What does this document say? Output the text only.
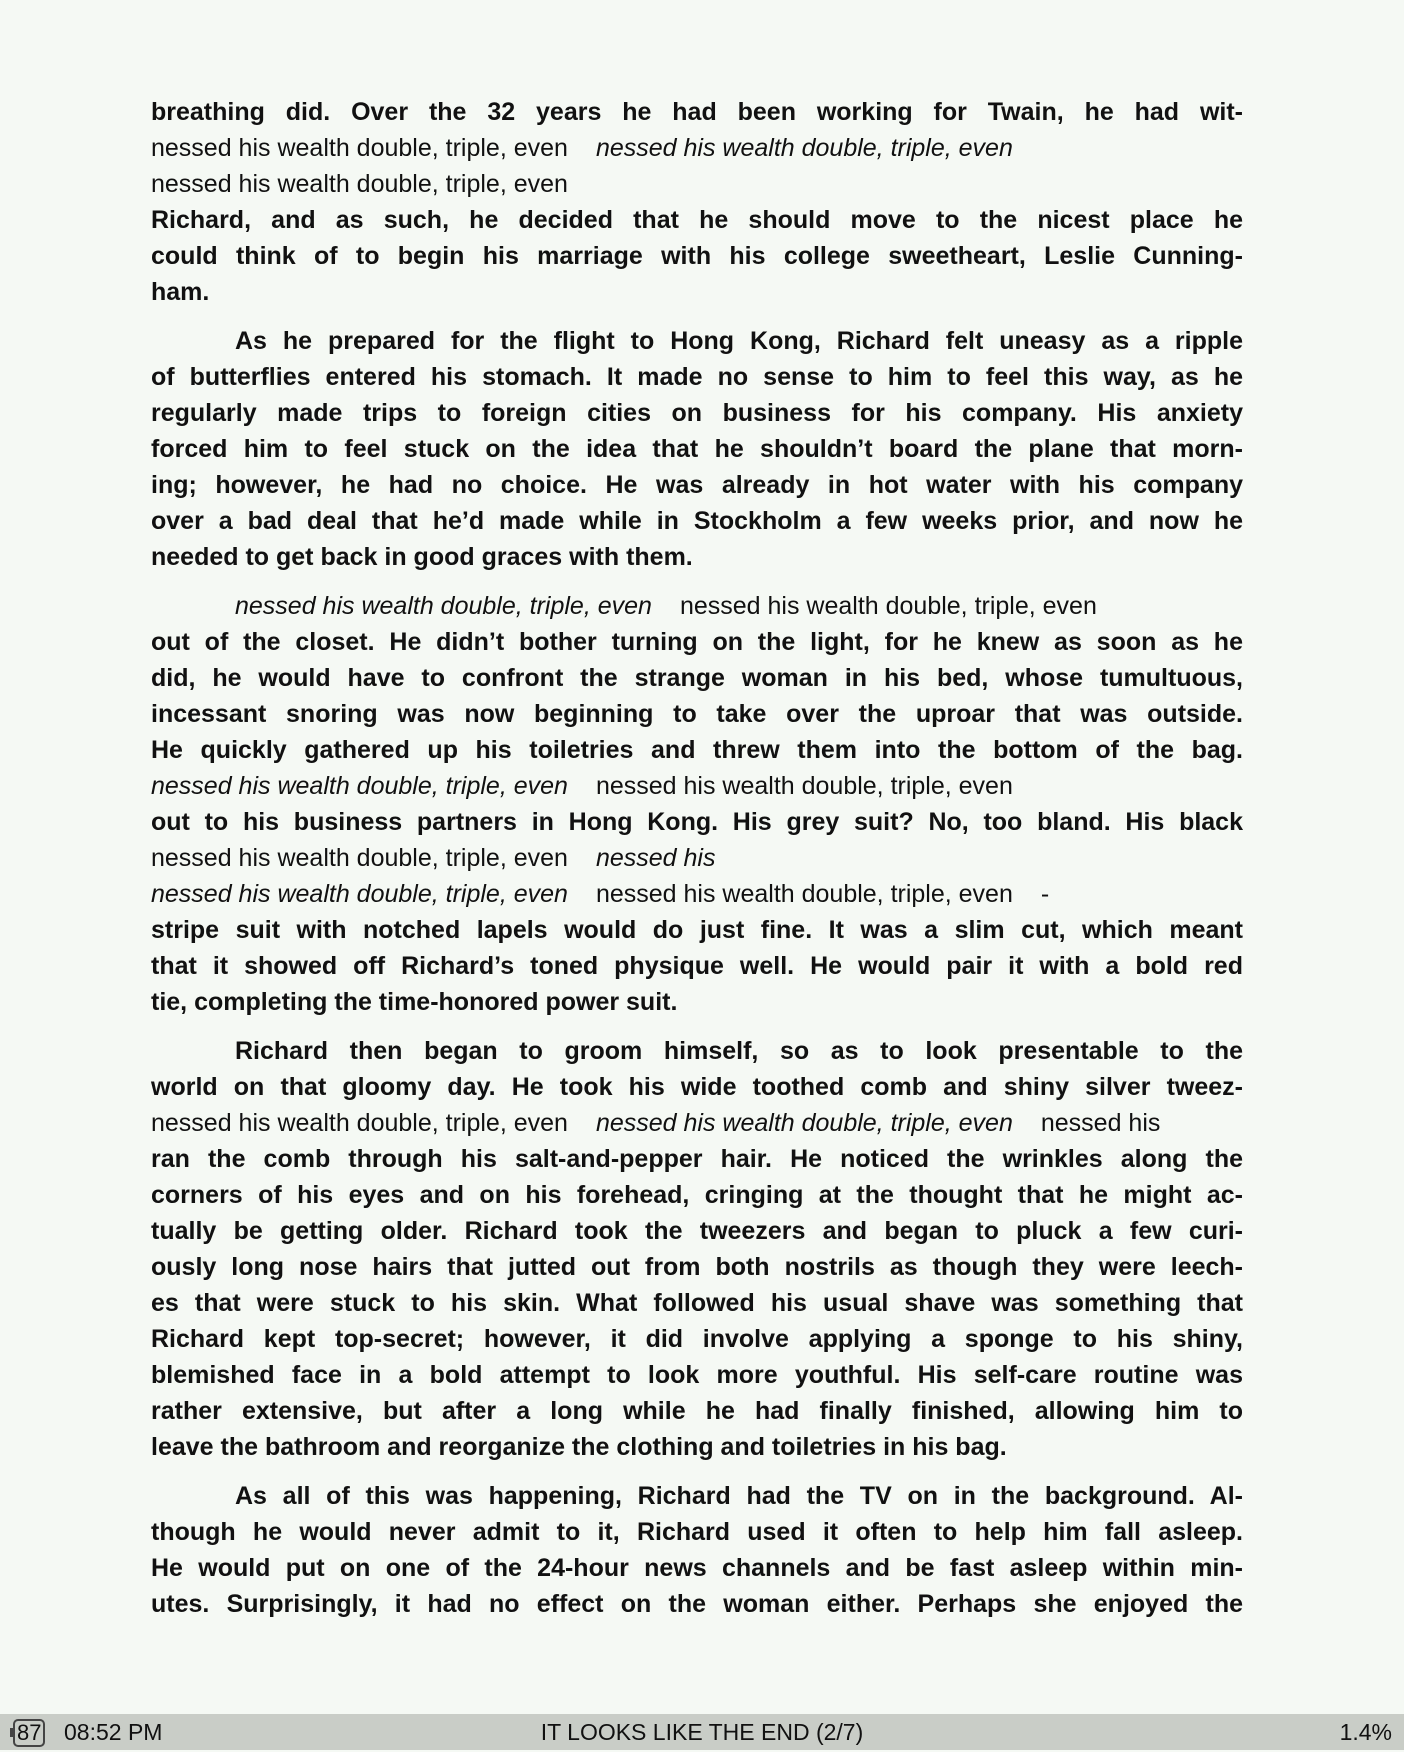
breathing did. Over the 32 years he had been working for Twain, he had wit-
nessed his wealth double, triple, even nessed his wealth double, triple, even
nessed his wealth double, triple, even
Richard, and as such, he decided that he should move to the nicest place he
could think of to begin his marriage with his college sweetheart, Leslie Cunning-
ham.
As he prepared for the flight to Hong Kong, Richard felt uneasy as a ripple
of butterflies entered his stomach. It made no sense to him to feel this way, as he
regularly made trips to foreign cities on business for his company. His anxiety
forced him to feel stuck on the idea that he shouldn’t board the plane that morn-
ing; however, he had no choice. He was already in hot water with his company
over a bad deal that he’d made while in Stockholm a few weeks prior, and now he
needed to get back in good graces with them.
nessed his wealth double, triple, even nessed his wealth double, triple, even
out of the closet. He didn’t bother turning on the light, for he knew as soon as he
did, he would have to confront the strange woman in his bed, whose tumultuous,
incessant snoring was now beginning to take over the uproar that was outside.
He quickly gathered up his toiletries and threw them into the bottom of the bag.
nessed his wealth double, triple, even nessed his wealth double, triple, even
out to his business partners in Hong Kong. His grey suit? No, too bland. His black
nessed his wealth double, triple, even nessed his
nessed his wealth double, triple, even nessed his wealth double, triple, even -
stripe suit with notched lapels would do just fine. It was a slim cut, which meant
that it showed off Richard’s toned physique well. He would pair it with a bold red
tie, completing the time-honored power suit.
Richard then began to groom himself, so as to look presentable to the
world on that gloomy day. He took his wide toothed comb and shiny silver tweez-
nessed his wealth double, triple, even nessed his wealth double, triple, even nessed his
ran the comb through his salt-and-pepper hair. He noticed the wrinkles along the
corners of his eyes and on his forehead, cringing at the thought that he might ac-
tually be getting older. Richard took the tweezers and began to pluck a few curi-
ously long nose hairs that jutted out from both nostrils as though they were leech-
es that were stuck to his skin. What followed his usual shave was something that
Richard kept top-secret; however, it did involve applying a sponge to his shiny,
blemished face in a bold attempt to look more youthful. His self-care routine was
rather extensive, but after a long while he had finally finished, allowing him to
leave the bathroom and reorganize the clothing and toiletries in his bag.
As all of this was happening, Richard had the TV on in the background. Al-
though he would never admit to it, Richard used it often to help him fall asleep.
He would put on one of the 24-hour news channels and be fast asleep within min-
utes. Surprisingly, it had no effect on the woman either. Perhaps she enjoyed the
87 08:52 PM	IT LOOKS LIKE THE END (2/7)	1.4%
